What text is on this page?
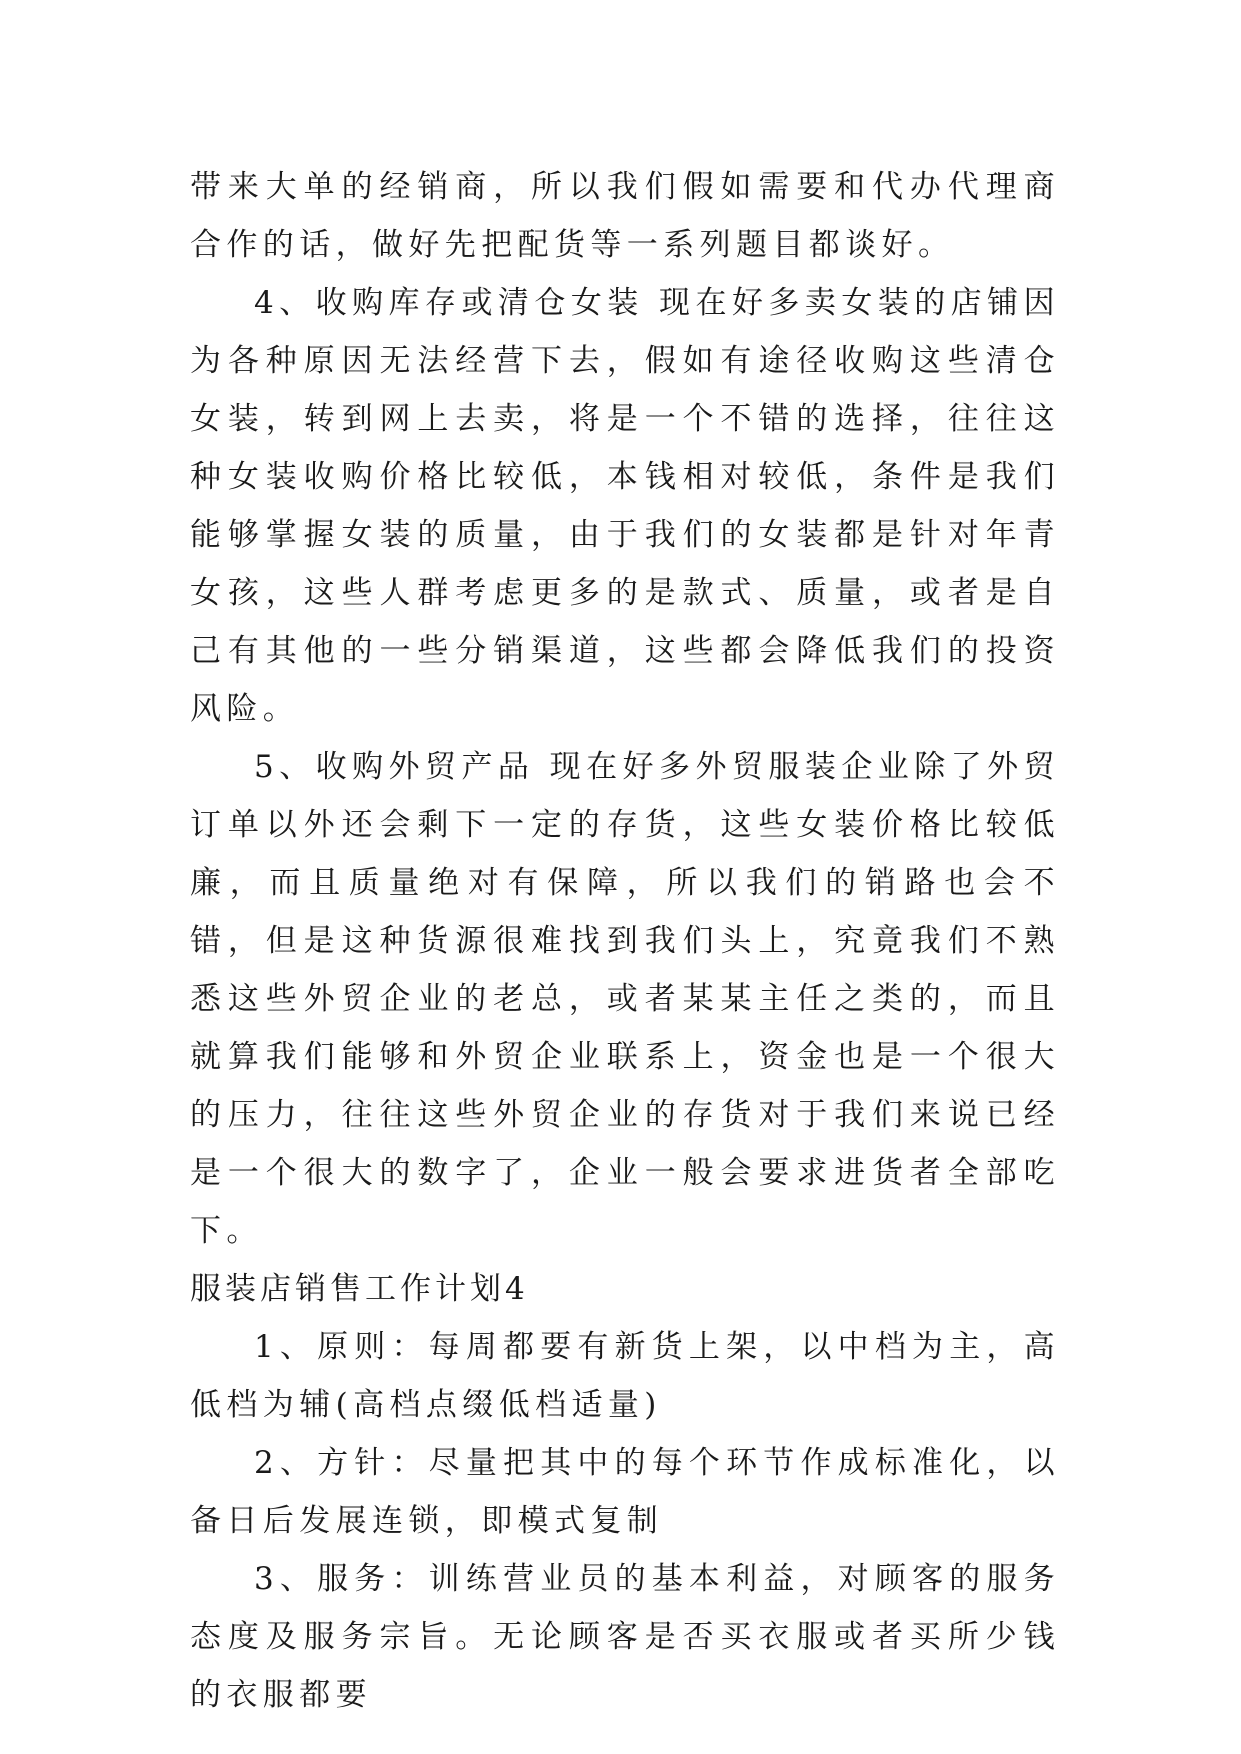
带来大单的经销商，所以我们假如需要和代办代理商合作的话，做好先把配货等一系列题目都谈好。

4、收购库存或清仓女装 现在好多卖女装的店铺因为各种原因无法经营下去，假如有途径收购这些清仓女装，转到网上去卖，将是一个不错的选择，往往这种女装收购价格比较低，本钱相对较低，条件是我们能够掌握女装的质量，由于我们的女装都是针对年青女孩，这些人群考虑更多的是款式、质量，或者是自己有其他的一些分销渠道，这些都会降低我们的投资风险。

5、收购外贸产品 现在好多外贸服装企业除了外贸订单以外还会剩下一定的存货，这些女装价格比较低廉，而且质量绝对有保障，所以我们的销路也会不错，但是这种货源很难找到我们头上，究竟我们不熟悉这些外贸企业的老总，或者某某主任之类的，而且就算我们能够和外贸企业联系上，资金也是一个很大的压力，往往这些外贸企业的存货对于我们来说已经是一个很大的数字了，企业一般会要求进货者全部吃下。

服装店销售工作计划4

1、原则：每周都要有新货上架，以中档为主，高低档为辅(高档点缀低档适量)

2、方针：尽量把其中的每个环节作成标准化，以备日后发展连锁，即模式复制

3、服务：训练营业员的基本利益，对顾客的服务态度及服务宗旨。无论顾客是否买衣服或者买所少钱的衣服都要
